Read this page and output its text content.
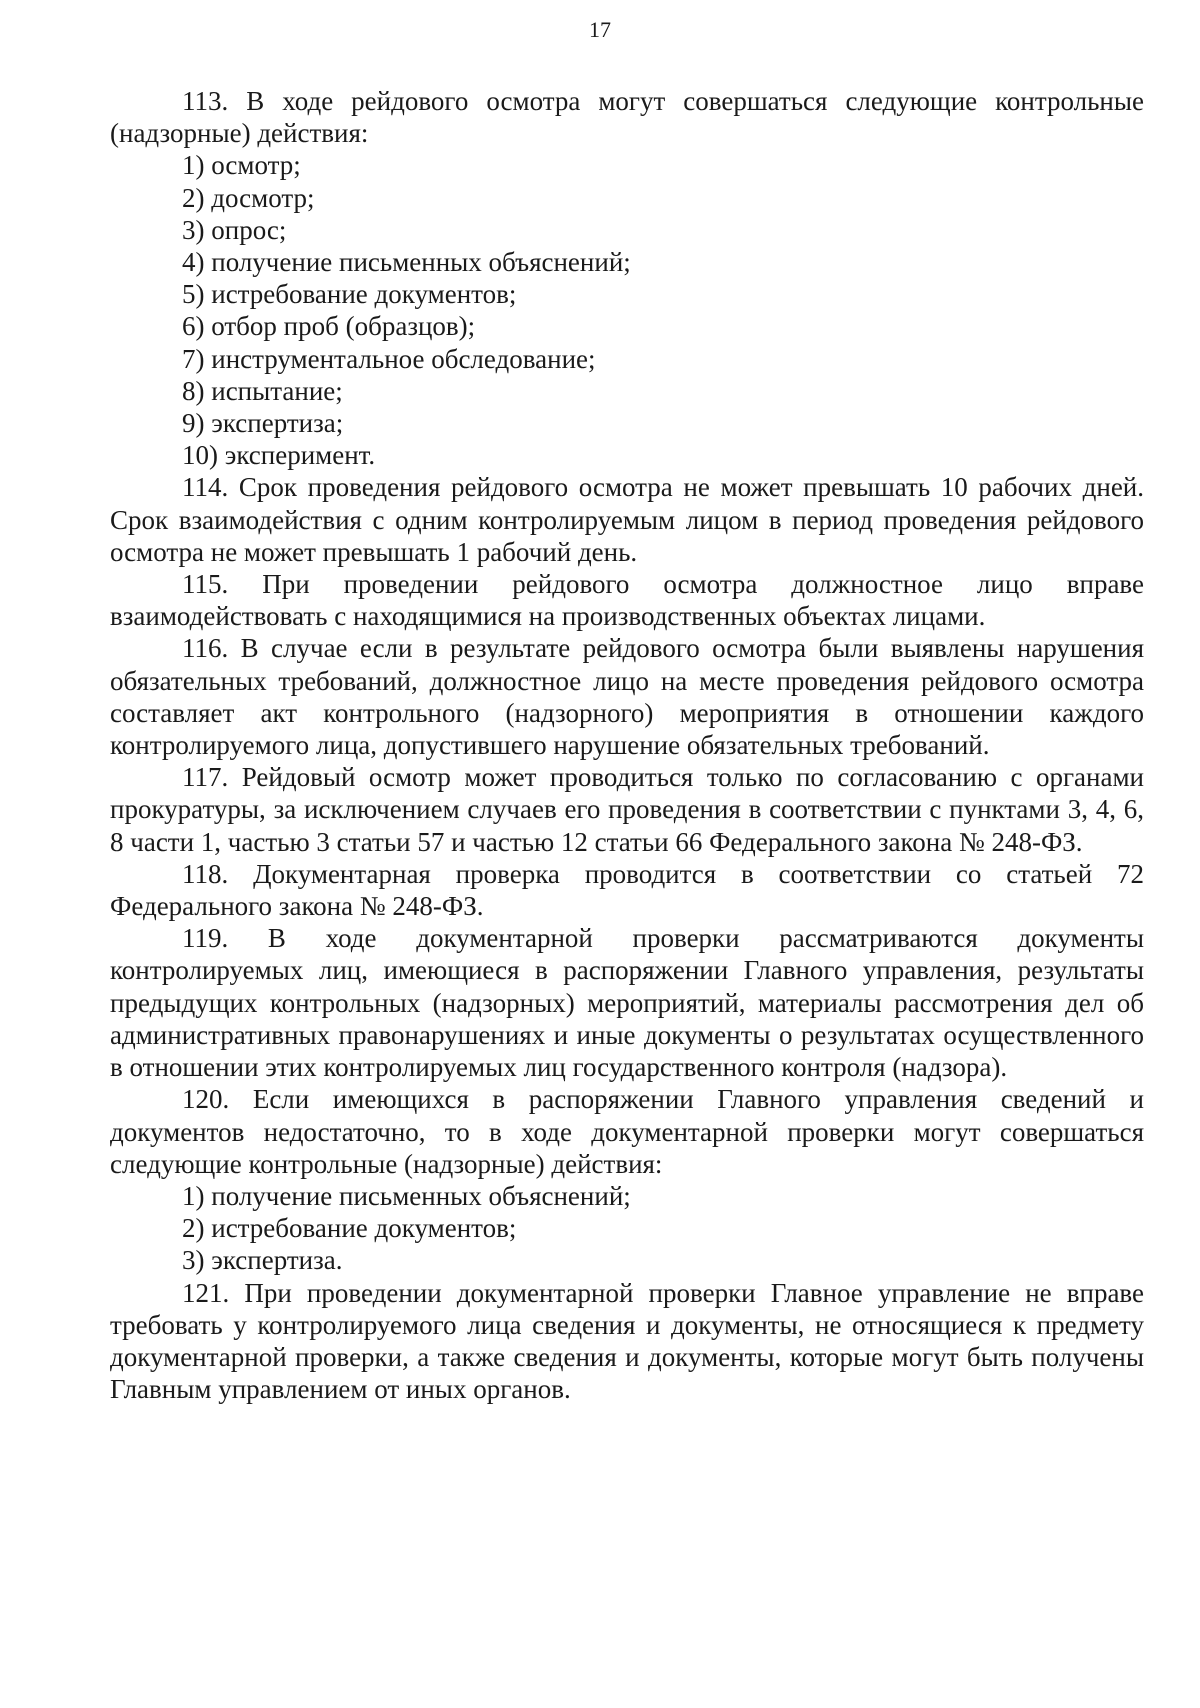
17

113. В ходе рейдового осмотра могут совершаться следующие контрольные (надзорные) действия:

1) осмотр;

2) досмотр;

3) опрос;

4) получение письменных объяснений;

5) истребование документов;

6) отбор проб (образцов);

7) инструментальное обследование;

8) испытание;

9) экспертиза;

10) эксперимент.

114. Срок проведения рейдового осмотра не может превышать 10 рабочих дней. Срок взаимодействия с одним контролируемым лицом в период проведения рейдового осмотра не может превышать 1 рабочий день.

115. При проведении рейдового осмотра должностное лицо вправе взаимодействовать с находящимися на производственных объектах лицами.

116. В случае если в результате рейдового осмотра были выявлены нарушения обязательных требований, должностное лицо на месте проведения рейдового осмотра составляет акт контрольного (надзорного) мероприятия в отношении каждого контролируемого лица, допустившего нарушение обязательных требований.

117. Рейдовый осмотр может проводиться только по согласованию с органами прокуратуры, за исключением случаев его проведения в соответствии с пунктами 3, 4, 6, 8 части 1, частью 3 статьи 57 и частью 12 статьи 66 Федерального закона № 248-ФЗ.

118. Документарная проверка проводится в соответствии со статьей 72 Федерального закона № 248-ФЗ.

119. В ходе документарной проверки рассматриваются документы контролируемых лиц, имеющиеся в распоряжении Главного управления, результаты предыдущих контрольных (надзорных) мероприятий, материалы рассмотрения дел об административных правонарушениях и иные документы о результатах осуществленного в отношении этих контролируемых лиц государственного контроля (надзора).

120. Если имеющихся в распоряжении Главного управления сведений и документов недостаточно, то в ходе документарной проверки могут совершаться следующие контрольные (надзорные) действия:

1) получение письменных объяснений;

2) истребование документов;

3) экспертиза.

121. При проведении документарной проверки Главное управление не вправе требовать у контролируемого лица сведения и документы, не относящиеся к предмету документарной проверки, а также сведения и документы, которые могут быть получены Главным управлением от иных органов.
